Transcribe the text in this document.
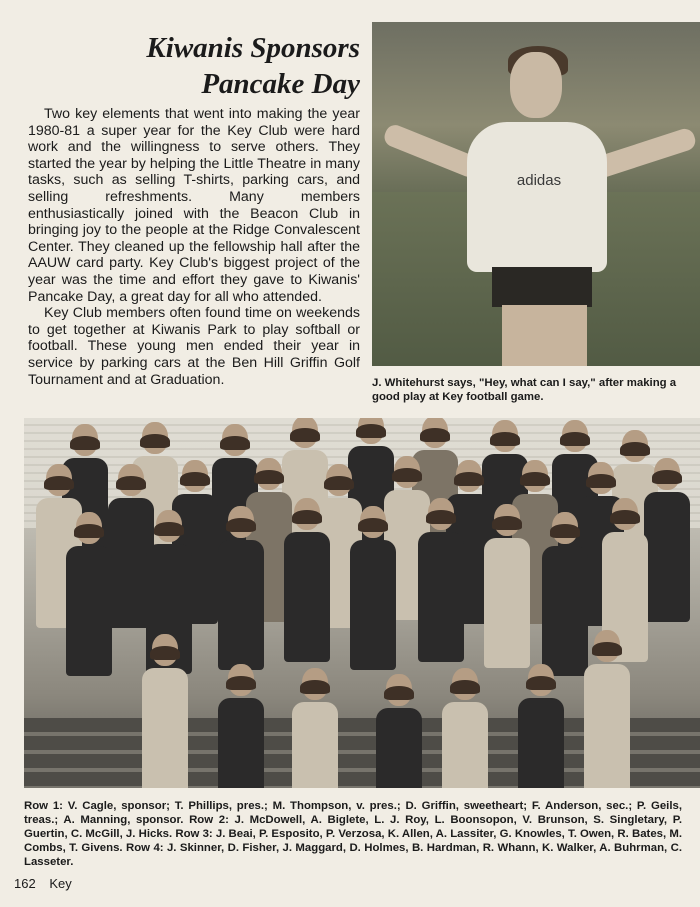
Kiwanis Sponsors
Pancake Day

Two key elements that went into making the year 1980-81 a super year for the Key Club were hard work and the willingness to serve others. They started the year by helping the Little Theatre in many tasks, such as selling T-shirts, parking cars, and selling refreshments. Many members enthusiastically joined with the Beacon Club in bringing joy to the people at the Ridge Convalescent Center. They cleaned up the fellowship hall after the AAUW card party. Key Club's biggest project of the year was the time and effort they gave to Kiwanis' Pancake Day, a great day for all who attended.

Key Club members often found time on weekends to get together at Kiwanis Park to play softball or football. These young men ended their year in service by parking cars at the Ben Hill Griffin Golf Tournament and at Graduation.

adidas

J. Whitehurst says, "Hey, what can I say," after making a good play at Key football game.

Row 1: V. Cagle, sponsor; T. Phillips, pres.; M. Thompson, v. pres.; D. Griffin, sweetheart; F. Anderson, sec.; P. Geils, treas.; A. Manning, sponsor. Row 2: J. McDowell, A. Biglete, L. J. Roy, L. Boonsopon, V. Brunson, S. Singletary, P. Guertin, C. McGill, J. Hicks. Row 3: J. Beai, P. Esposito, P. Verzosa, K. Allen, A. Lassiter, G. Knowles, T. Owen, R. Bates, M. Combs, T. Givens. Row 4: J. Skinner, D. Fisher, J. Maggard, D. Holmes, B. Hardman, R. Whann, K. Walker, A. Buhrman, C. Lasseter.

162 Key
